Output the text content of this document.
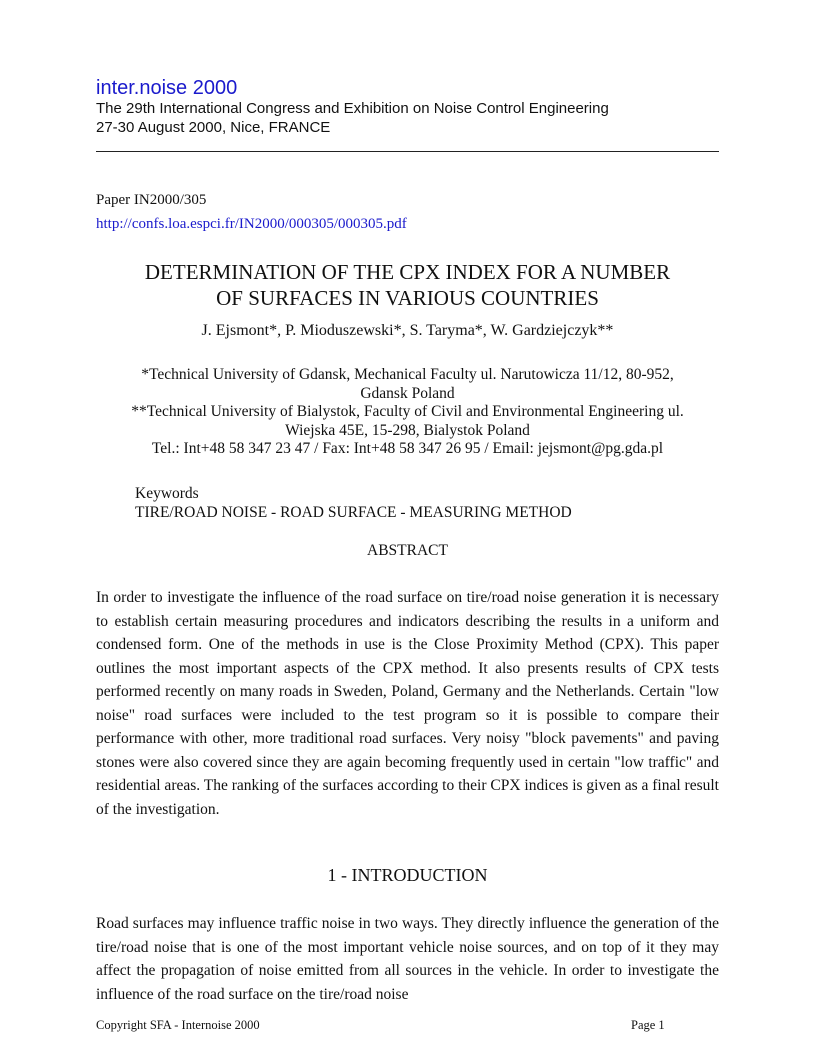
inter.noise 2000
The 29th International Congress and Exhibition on Noise Control Engineering
27-30 August 2000, Nice, FRANCE
Paper IN2000/305
http://confs.loa.espci.fr/IN2000/000305/000305.pdf
DETERMINATION OF THE CPX INDEX FOR A NUMBER
OF SURFACES IN VARIOUS COUNTRIES
J. Ejsmont*, P. Mioduszewski*, S. Taryma*, W. Gardziejczyk**
*Technical University of Gdansk, Mechanical Faculty ul. Narutowicza 11/12, 80-952,
Gdansk Poland
**Technical University of Bialystok, Faculty of Civil and Environmental Engineering ul.
Wiejska 45E, 15-298, Bialystok Poland
Tel.: Int+48 58 347 23 47 / Fax: Int+48 58 347 26 95 / Email: jejsmont@pg.gda.pl
Keywords
TIRE/ROAD NOISE - ROAD SURFACE - MEASURING METHOD
ABSTRACT

In order to investigate the influence of the road surface on tire/road noise generation it is necessary to establish certain measuring procedures and indicators describing the results in a uniform and condensed form. One of the methods in use is the Close Proximity Method (CPX). This paper outlines the most important aspects of the CPX method. It also presents results of CPX tests performed recently on many roads in Sweden, Poland, Germany and the Netherlands. Certain "low noise" road surfaces were included to the test program so it is possible to compare their performance with other, more traditional road surfaces. Very noisy "block pavements" and paving stones were also covered since they are again becoming frequently used in certain "low traffic" and residential areas. The ranking of the surfaces according to their CPX indices is given as a final result of the investigation.

1 - INTRODUCTION

Road surfaces may influence traffic noise in two ways. They directly influence the generation of the tire/road noise that is one of the most important vehicle noise sources, and on top of it they may affect the propagation of noise emitted from all sources in the vehicle. In order to investigate the influence of the road surface on the tire/road noise

Copyright SFA - Internoise 2000	Page 1
